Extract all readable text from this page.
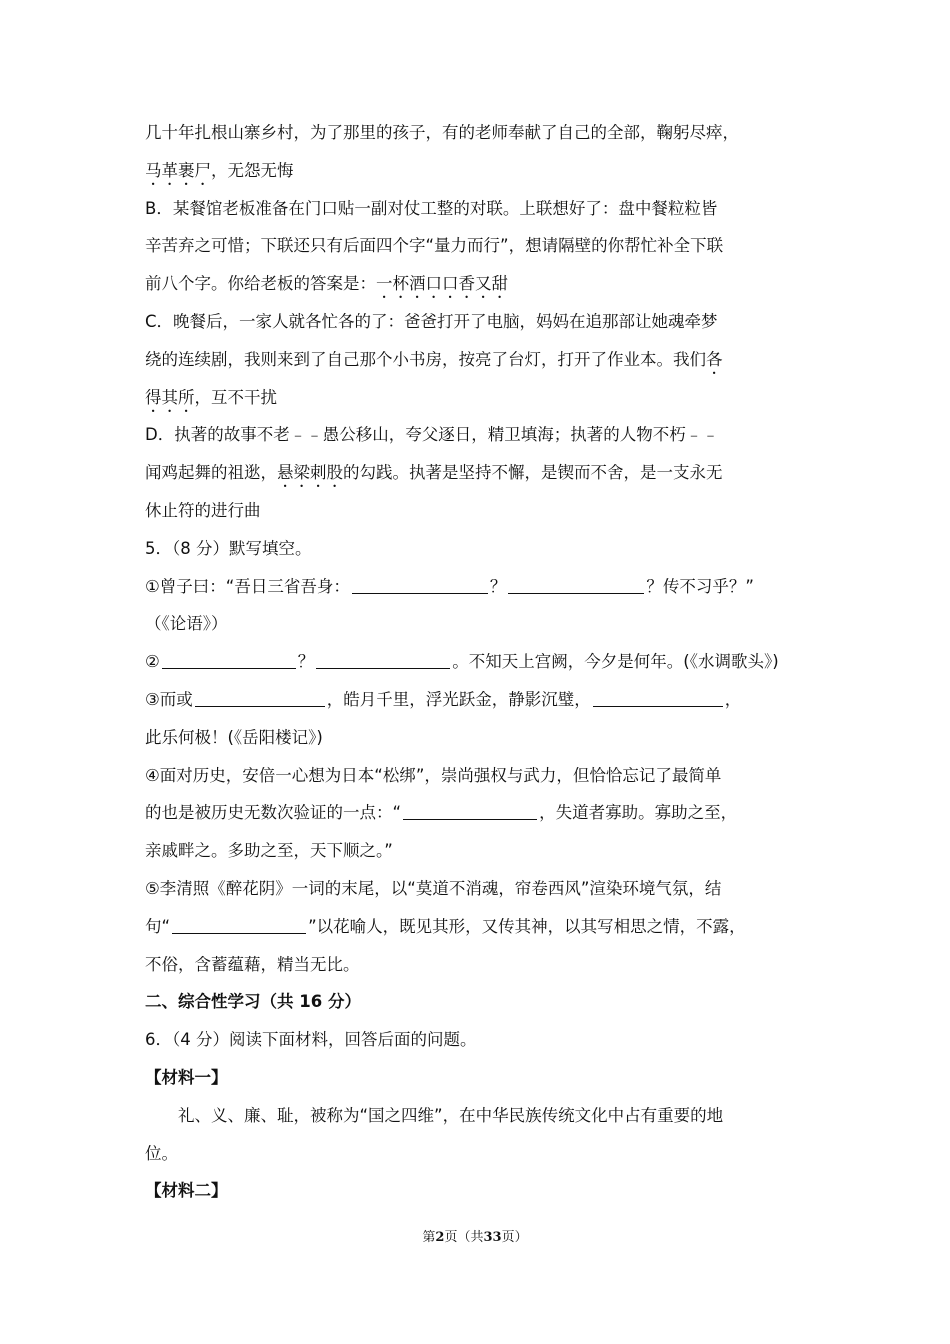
几十年扎根山寨乡村，为了那里的孩子，有的老师奉献了自己的全部，鞠躬尽瘁，
马革裹尸，无怨无悔
B．某餐馆老板准备在门口贴一副对仗工整的对联。上联想好了：盘中餐粒粒皆
辛苦弃之可惜；下联还只有后面四个字“量力而行”，想请隔壁的你帮忙补全下联
前八个字。你给老板的答案是：一杯酒口口香又甜
C．晚餐后，一家人就各忙各的了：爸爸打开了电脑，妈妈在追那部让她魂牵梦
绕的连续剧，我则来到了自己那个小书房，按亮了台灯，打开了作业本。我们各
得其所，互不干扰
D．执著的故事不老﹣﹣愚公移山，夸父逐日，精卫填海；执著的人物不朽﹣﹣
闻鸡起舞的祖逖，悬梁刺股的勾践。执著是坚持不懈，是锲而不舍，是一支永无
休止符的进行曲
5．（8 分）默写填空。
①曾子曰：“吾日三省吾身：	？	？传不习乎？”
（《论语》）
②	？	。不知天上宫阙，今夕是何年。(《水调歌头》)
③而或	，皓月千里，浮光跃金，静影沉璧，	，
此乐何极！(《岳阳楼记》)
④面对历史，安倍一心想为日本“松绑”，崇尚强权与武力，但恰恰忘记了最简单
的也是被历史无数次验证的一点：“	，失道者寡助。寡助之至，
亲戚畔之。多助之至，天下顺之。”
⑤李清照《醉花阴》一词的末尾，以“莫道不消魂，帘卷西风”渲染环境气氛，结
句“	”以花喻人，既见其形，又传其神，以其写相思之情，不露，
不俗，含蓄蕴藉，精当无比。
二、综合性学习（共 16 分）
6．（4 分）阅读下面材料，回答后面的问题。
【材料一】
礼、义、廉、耻，被称为“国之四维”，在中华民族传统文化中占有重要的地
位。
【材料二】
第2页（共33页）
